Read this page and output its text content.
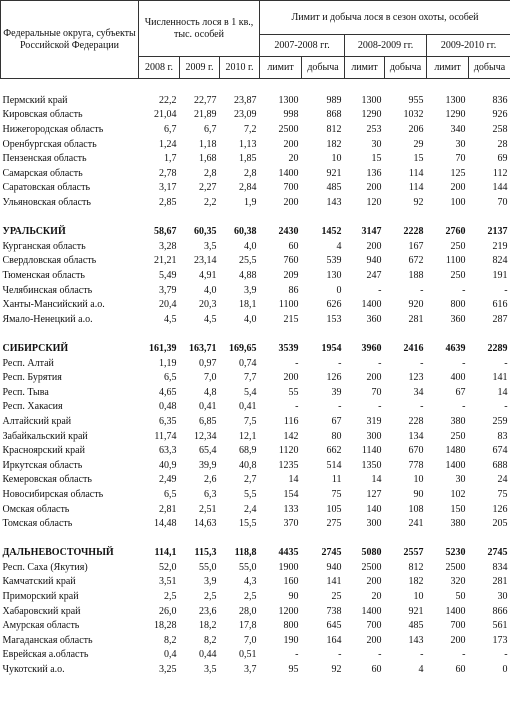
Федеральные округа, субъекты Российской Федерации	Численность лося в 1 кв., тыс. особей			Лимит и добыча лося в сезон охоты, особей					
				2007-2008 гг.		2008-2009 гг.		2009-2010 гг.	
	2008 г.	2009 г.	2010 г.	лимит	добыча	лимит	добыча	лимит	добыча

Пермский край	22,2	22,77	23,87	1300	989	1300	955	1300	836
Кировская область	21,04	21,89	23,09	998	868	1290	1032	1290	926
Нижегородская область	6,7	6,7	7,2	2500	812	253	206	340	258
Оренбургская область	1,24	1,18	1,13	200	182	30	29	30	28
Пензенская область	1,7	1,68	1,85	20	10	15	15	70	69
Самарская область	2,78	2,8	2,8	1400	921	136	114	125	112
Саратовская область	3,17	2,27	2,84	700	485	200	114	200	144
Ульяновская область	2,85	2,2	1,9	200	143	120	92	100	70

УРАЛЬСКИЙ	58,67	60,35	60,38	2430	1452	3147	2228	2760	2137
Курганская область	3,28	3,5	4,0	60	4	200	167	250	219
Свердловская область	21,21	23,14	25,5	760	539	940	672	1100	824
Тюменская область	5,49	4,91	4,88	209	130	247	188	250	191
Челябинская область	3,79	4,0	3,9	86	0	-	-	-	-
Ханты-Мансийский а.о.	20,4	20,3	18,1	1100	626	1400	920	800	616
Ямало-Ненецкий а.о.	4,5	4,5	4,0	215	153	360	281	360	287

СИБИРСКИЙ	161,39	163,71	169,65	3539	1954	3960	2416	4639	2289
Респ. Алтай	1,19	0,97	0,74	-	-	-	-	-	-
Респ. Бурятия	6,5	7,0	7,7	200	126	200	123	400	141
Респ. Тыва	4,65	4,8	5,4	55	39	70	34	67	14
Респ. Хакасия	0,48	0,41	0,41	-	-	-	-	-	-
Алтайский край	6,35	6,85	7,5	116	67	319	228	380	259
Забайкальский край	11,74	12,34	12,1	142	80	300	134	250	83
Красноярский край	63,3	65,4	68,9	1120	662	1140	670	1480	674
Иркутская область	40,9	39,9	40,8	1235	514	1350	778	1400	688
Кемеровская область	2,49	2,6	2,7	14	11	14	10	30	24
Новосибирская область	6,5	6,3	5,5	154	75	127	90	102	75
Омская область	2,81	2,51	2,4	133	105	140	108	150	126
Томская область	14,48	14,63	15,5	370	275	300	241	380	205

ДАЛЬНЕВОСТОЧНЫЙ	114,1	115,3	118,8	4435	2745	5080	2557	5230	2745
Респ. Саха (Якутия)	52,0	55,0	55,0	1900	940	2500	812	2500	834
Камчатский край	3,51	3,9	4,3	160	141	200	182	320	281
Приморский край	2,5	2,5	2,5	90	25	20	10	50	30
Хабаровский край	26,0	23,6	28,0	1200	738	1400	921	1400	866
Амурская область	18,28	18,2	17,8	800	645	700	485	700	561
Магаданская область	8,2	8,2	7,0	190	164	200	143	200	173
Еврейская а.область	0,4	0,44	0,51	-	-	-	-	-	-
Чукотский а.о.	3,25	3,5	3,7	95	92	60	4	60	0
